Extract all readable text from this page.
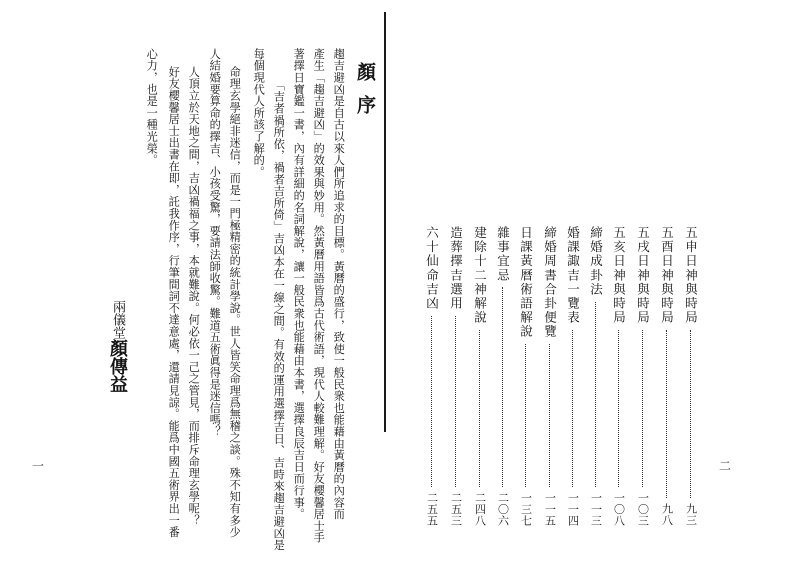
顏序
趨吉避凶是自古以來人們所追求的目標。黃曆的盛行，致使一般民衆也能藉由黃曆的內容而
產生「趨吉避凶」的效果與妙用。然黃曆用語皆爲古代術語，現代人較難理解。好友櫻馨居士手
著擇日寶鑑一書，內有詳細的名詞解說，讓一般民衆也能藉由本書，選擇良辰吉日而行事。
「吉者禍所依，禍者吉所倚」吉凶本在一線之間。有效的運用選擇吉日、吉時來趨吉避凶是
每個現代人所該了解的。
命理玄學絕非迷信，而是一門極精密的統計學說。世人皆笑命理爲無稽之談。殊不知有多少
人結婚要算命的擇吉、小孩受驚，要請法師收驚。難道五術眞得是迷信嗎？
人頂立於天地之間，吉凶禍福之事，本就難說。何必依一己之管見，而排斥命理玄學呢？
好友櫻馨居士出書在即，託我作序，行筆間詞不達意處，還請見諒。能爲中國五術界出一番
心力，也是一種光榮。
兩儀堂顏傳益
一
五申日神與時局
九三
五酉日神與時局
九八
五戌日神與時局
一〇三
五亥日神與時局
一〇八
締婚成卦法
一一三
婚課諏吉一覽表
一一四
締婚周書合卦便覽
一一五
日課黃曆術語解說
一三七
雜事宜忌
二〇六
建除十二神解說
二四八
造葬擇吉選用
二五三
六十仙命吉凶
二五五
二
